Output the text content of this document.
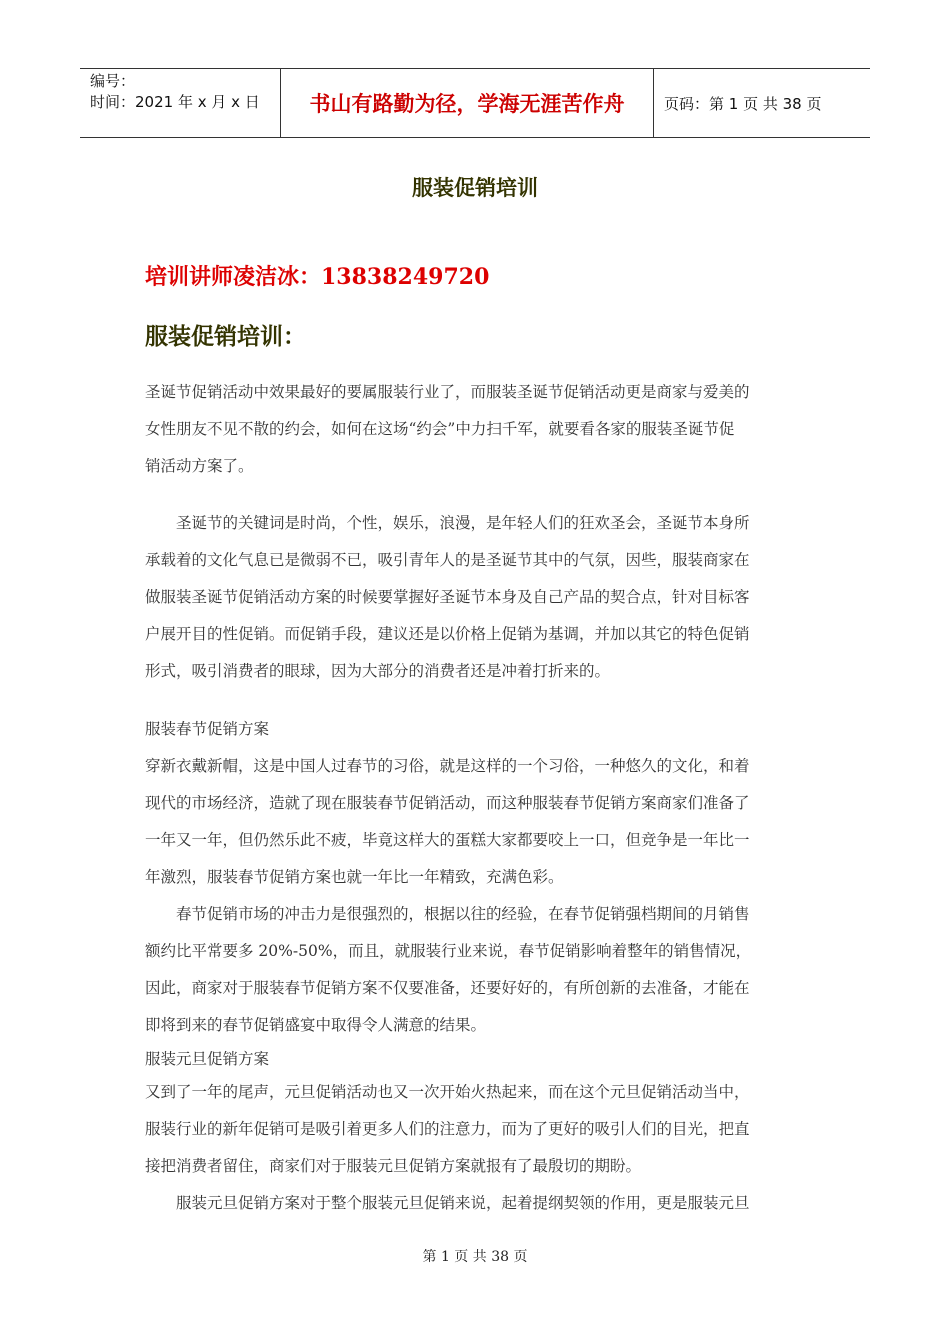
编号：
时间：2021 年 x 月 x 日	书山有路勤为径，学海无涯苦作舟	页码：第 1 页 共 38 页
服装促销培训
培训讲师凌洁冰：13838249720
服装促销培训：

圣诞节促销活动中效果最好的要属服装行业了，而服装圣诞节促销活动更是商家与爱美的
女性朋友不见不散的约会，如何在这场“约会”中力扫千军，就要看各家的服装圣诞节促
销活动方案了。

　　圣诞节的关键词是时尚，个性，娱乐，浪漫，是年轻人们的狂欢圣会，圣诞节本身所
承载着的文化气息已是微弱不已，吸引青年人的是圣诞节其中的气氛，因些，服装商家在
做服装圣诞节促销活动方案的时候要掌握好圣诞节本身及自己产品的契合点，针对目标客
户展开目的性促销。而促销手段，建议还是以价格上促销为基调，并加以其它的特色促销
形式，吸引消费者的眼球，因为大部分的消费者还是冲着打折来的。

服装春节促销方案

穿新衣戴新帽，这是中国人过春节的习俗，就是这样的一个习俗，一种悠久的文化，和着
现代的市场经济，造就了现在服装春节促销活动，而这种服装春节促销方案商家们准备了
一年又一年，但仍然乐此不疲，毕竟这样大的蛋糕大家都要咬上一口，但竞争是一年比一
年激烈，服装春节促销方案也就一年比一年精致，充满色彩。

　　春节促销市场的冲击力是很强烈的，根据以往的经验，在春节促销强档期间的月销售
额约比平常要多 20%-50%，而且，就服装行业来说，春节促销影响着整年的销售情况，
因此，商家对于服装春节促销方案不仅要准备，还要好好的，有所创新的去准备，才能在
即将到来的春节促销盛宴中取得令人满意的结果。

服装元旦促销方案

又到了一年的尾声，元旦促销活动也又一次开始火热起来，而在这个元旦促销活动当中，
服装行业的新年促销可是吸引着更多人们的注意力，而为了更好的吸引人们的目光，把直
接把消费者留住，商家们对于服装元旦促销方案就报有了最殷切的期盼。

　　服装元旦促销方案对于整个服装元旦促销来说，起着提纲契领的作用，更是服装元旦

第 1 页 共 38 页
